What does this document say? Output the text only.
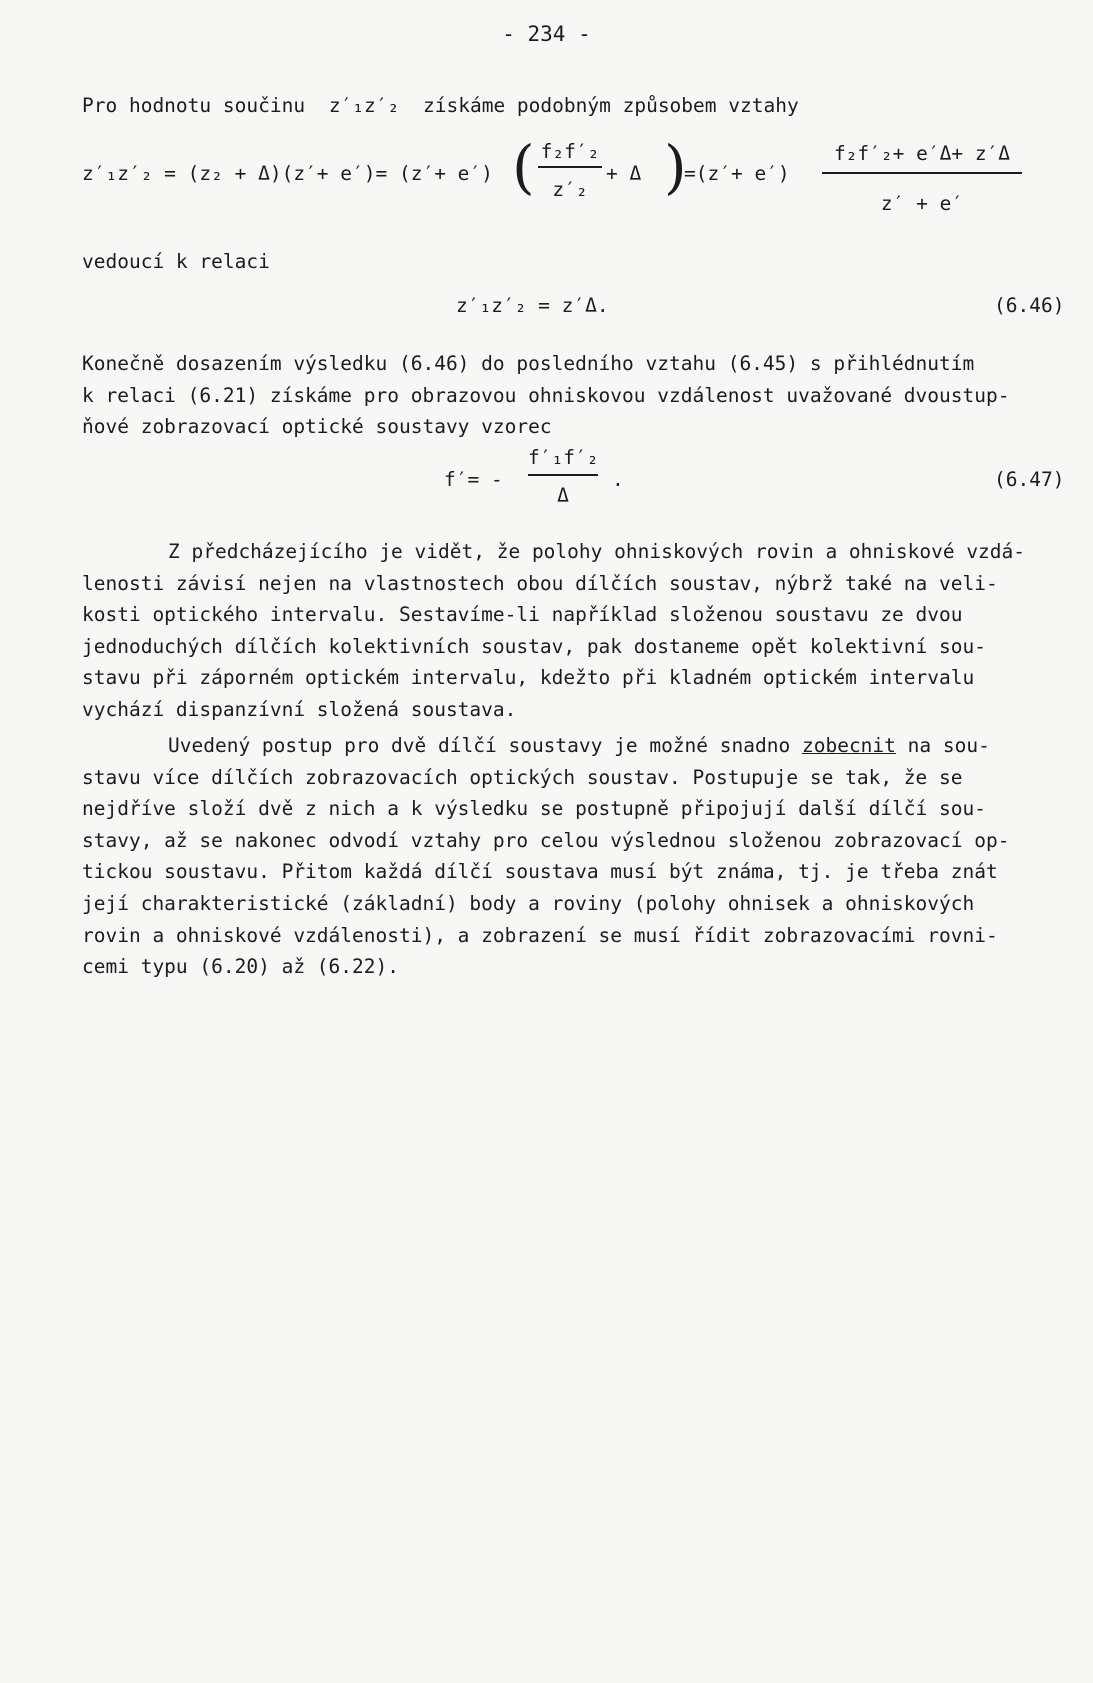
- 234 -
Pro hodnotu součinu z′₁z′₂ získáme podobným způsobem vztahy
z′₁z′₂ = (z₂ + Δ)(z′+ e′)= (z′+ e′) ( f₂f′₂
z′₂
+ Δ )
=(z′+ e′)
f₂f′₂+ e′Δ+ z′Δ
z′ + e′
vedoucí k relaci
z′₁z′₂ = z′Δ.	(6.46)
Konečně dosazením výsledku (6.46) do posledního vztahu (6.45) s přihlédnutím
k relaci (6.21) získáme pro obrazovou ohniskovou vzdálenost uvažované dvoustup-
ňové zobrazovací optické soustavy vzorec
f′= -
f′₁f′₂
Δ
.	(6.47)
Z předcházejícího je vidět, že polohy ohniskových rovin a ohniskové vzdá-
lenosti závisí nejen na vlastnostech obou dílčích soustav, nýbrž také na veli-
kosti optického intervalu. Sestavíme-li například složenou soustavu ze dvou
jednoduchých dílčích kolektivních soustav, pak dostaneme opět kolektivní sou-
stavu při záporném optickém intervalu, kdežto při kladném optickém intervalu
vychází dispanzívní složená soustava.
Uvedený postup pro dvě dílčí soustavy je možné snadno zobecnit na sou-
stavu více dílčích zobrazovacích optických soustav. Postupuje se tak, že se
nejdříve složí dvě z nich a k výsledku se postupně připojují další dílčí sou-
stavy, až se nakonec odvodí vztahy pro celou výslednou složenou zobrazovací op-
tickou soustavu. Přitom každá dílčí soustava musí být známa, tj. je třeba znát
její charakteristické (základní) body a roviny (polohy ohnisek a ohniskových
rovin a ohniskové vzdálenosti), a zobrazení se musí řídit zobrazovacími rovni-
cemi typu (6.20) až (6.22).
